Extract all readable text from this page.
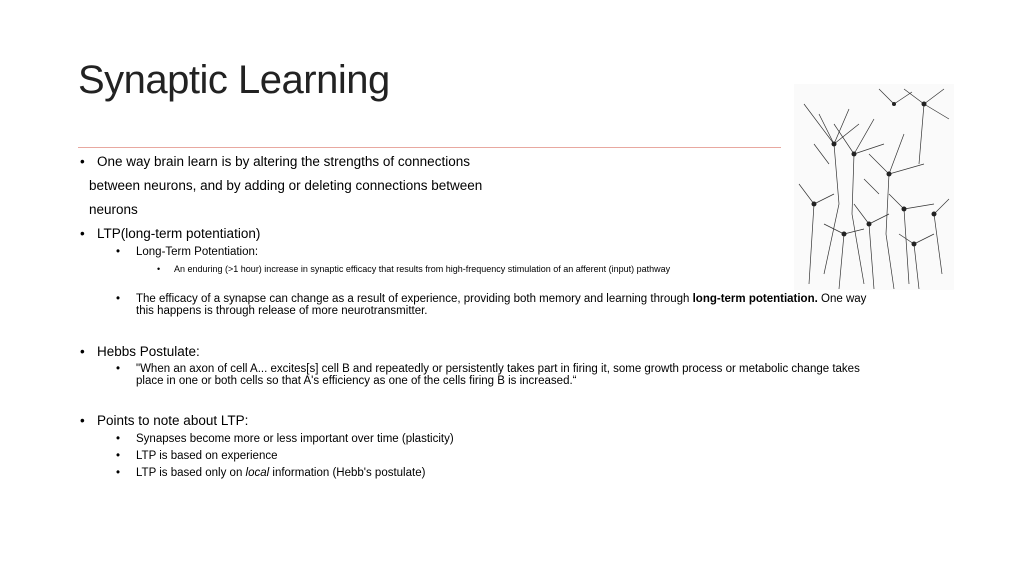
Synaptic Learning
• One way brain learn is by altering the strengths of connections
between neurons, and by adding or deleting connections between
neurons
• LTP(long-term potentiation)
• Long-Term Potentiation:
• An enduring (>1 hour) increase in synaptic efficacy that results from high-frequency stimulation of an afferent (input) pathway
• The efficacy of a synapse can change as a result of experience, providing both memory and learning through long-term potentiation. One way
this happens is through release of more neurotransmitter.
• Hebbs Postulate:
• "When an axon of cell A... excites[s] cell B and repeatedly or persistently takes part in firing it, some growth process or metabolic change takes
place in one or both cells so that A's efficiency as one of the cells firing B is increased.“
• Points to note about LTP:
• Synapses become more or less important over time (plasticity)
• LTP is based on experience
• LTP is based only on local information (Hebb's postulate)
